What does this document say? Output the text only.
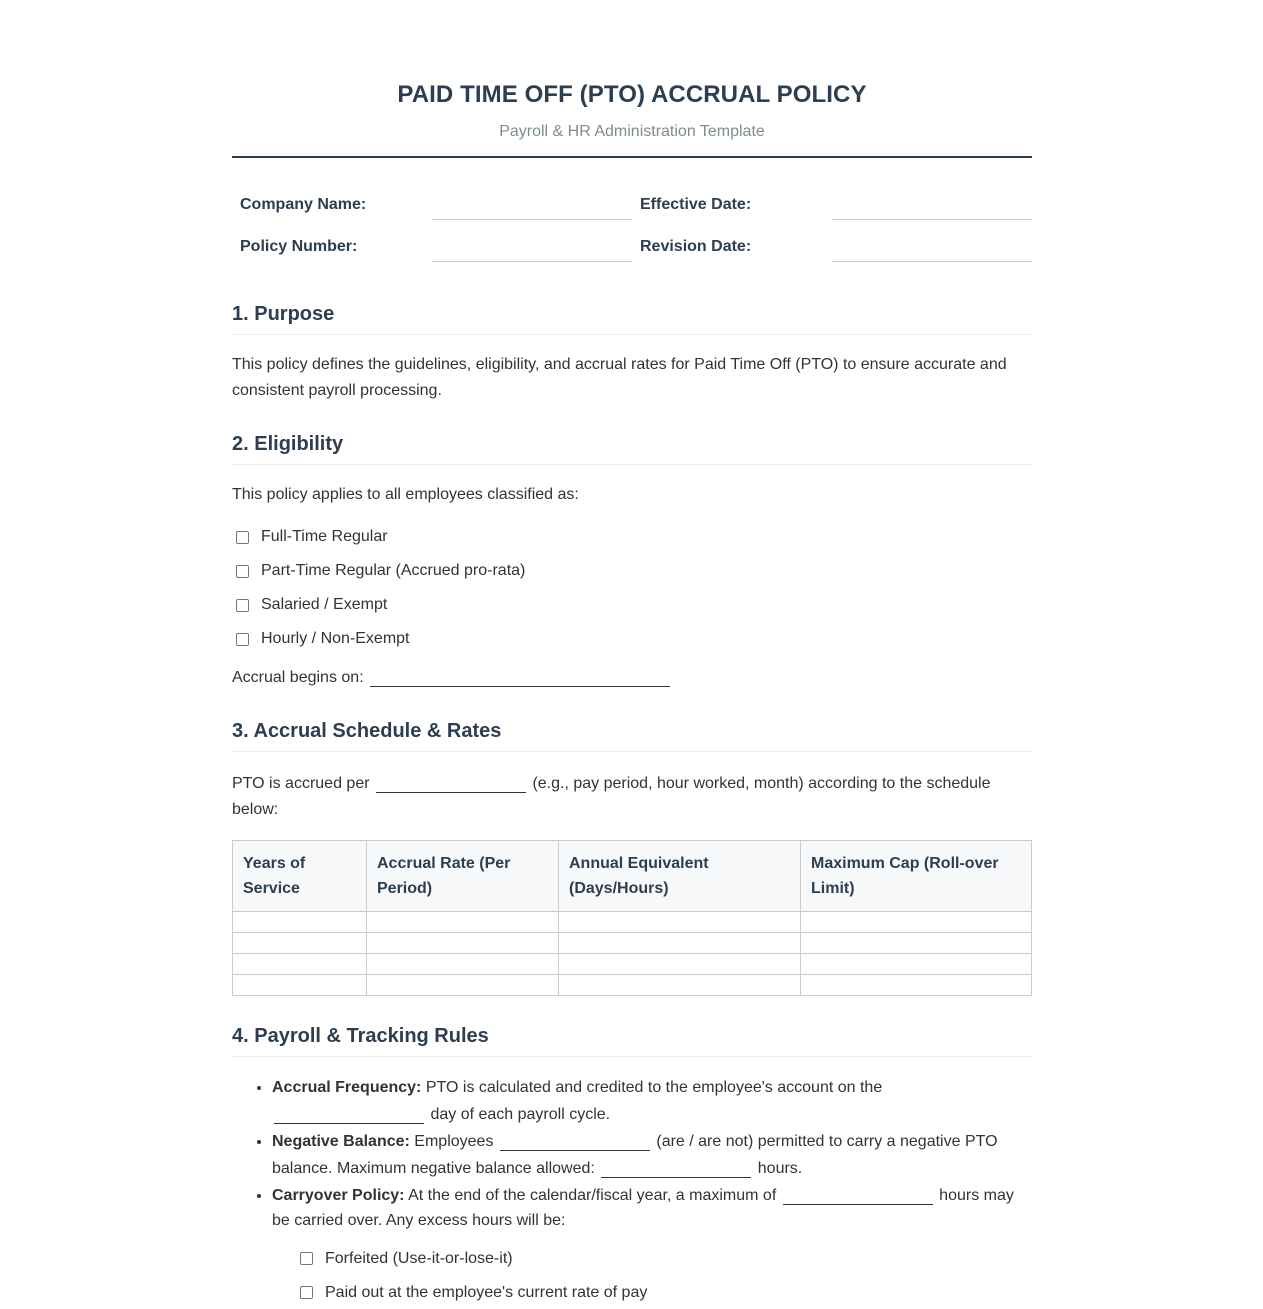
PAID TIME OFF (PTO) ACCRUAL POLICY
Payroll & HR Administration Template
Company Name:	Effective Date:
Policy Number:	Revision Date:
1. Purpose

This policy defines the guidelines, eligibility, and accrual rates for Paid Time Off (PTO) to ensure accurate and consistent payroll processing.

2. Eligibility

This policy applies to all employees classified as:

Full-Time Regular
Part-Time Regular (Accrued pro-rata)
Salaried / Exempt
Hourly / Non-Exempt

Accrual begins on:

3. Accrual Schedule & Rates

PTO is accrued per	(e.g., pay period, hour worked, month) according to the schedule below:

Years of Service	Accrual Rate (Per Period)	Annual Equivalent (Days/Hours)	Maximum Cap (Roll-over Limit)

4. Payroll & Tracking Rules
• Accrual Frequency: PTO is calculated and credited to the employee's account on the  day of each payroll cycle.
• Negative Balance: Employees	(are / are not) permitted to carry a negative PTO balance. Maximum negative balance allowed:	hours.
• Carryover Policy: At the end of the calendar/fiscal year, a maximum of	hours may be carried over. Any excess hours will be:
Forfeited (Use-it-or-lose-it)
Paid out at the employee's current rate of pay
